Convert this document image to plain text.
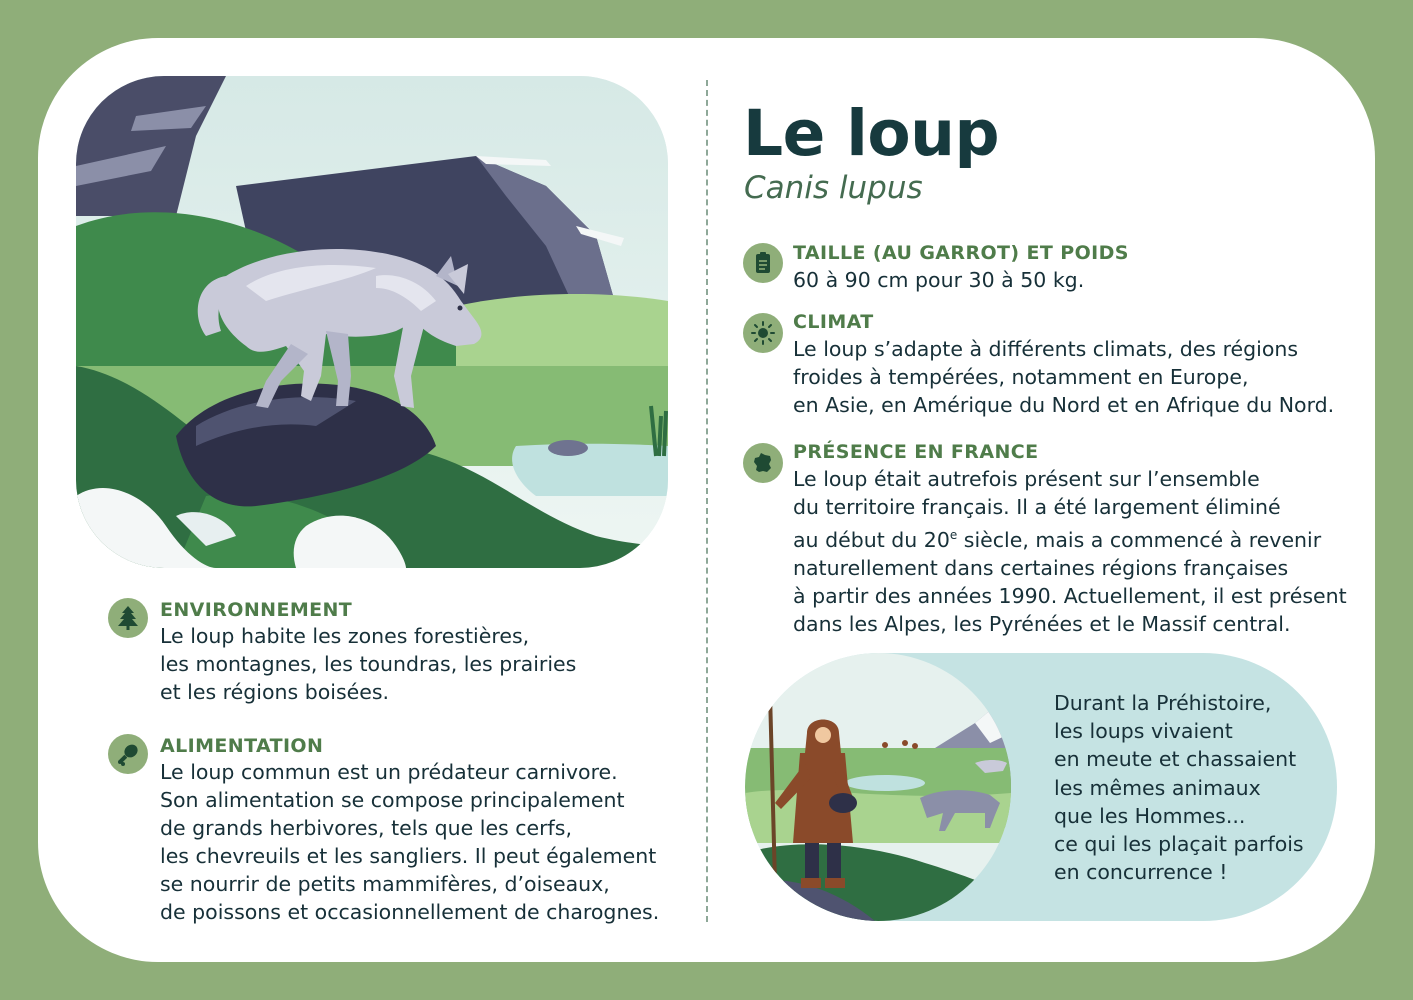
ENVIRONNEMENT
Le loup habite les zones forestières,
les montagnes, les toundras, les prairies
et les régions boisées.
ALIMENTATION
Le loup commun est un prédateur carnivore.
Son alimentation se compose principalement
de grands herbivores, tels que les cerfs,
les chevreuils et les sangliers. Il peut également
se nourrir de petits mammifères, d’oiseaux,
de poissons et occasionnellement de charognes.
Le loup
Canis lupus
TAILLE (AU GARROT) ET POIDS
60 à 90 cm pour 30 à 50 kg.
CLIMAT
Le loup s’adapte à différents climats, des régions
froides à tempérées, notamment en Europe,
en Asie, en Amérique du Nord et en Afrique du Nord.
PRÉSENCE EN FRANCE
Le loup était autrefois présent sur l’ensemble
du territoire français. Il a été largement éliminé
au début du 20e siècle, mais a commencé à revenir
naturellement dans certaines régions françaises
à partir des années 1990. Actuellement, il est présent
dans les Alpes, les Pyrénées et le Massif central.
Durant la Préhistoire,
les loups vivaient
en meute et chassaient
les mêmes animaux
que les Hommes...
ce qui les plaçait parfois
en concurrence !
